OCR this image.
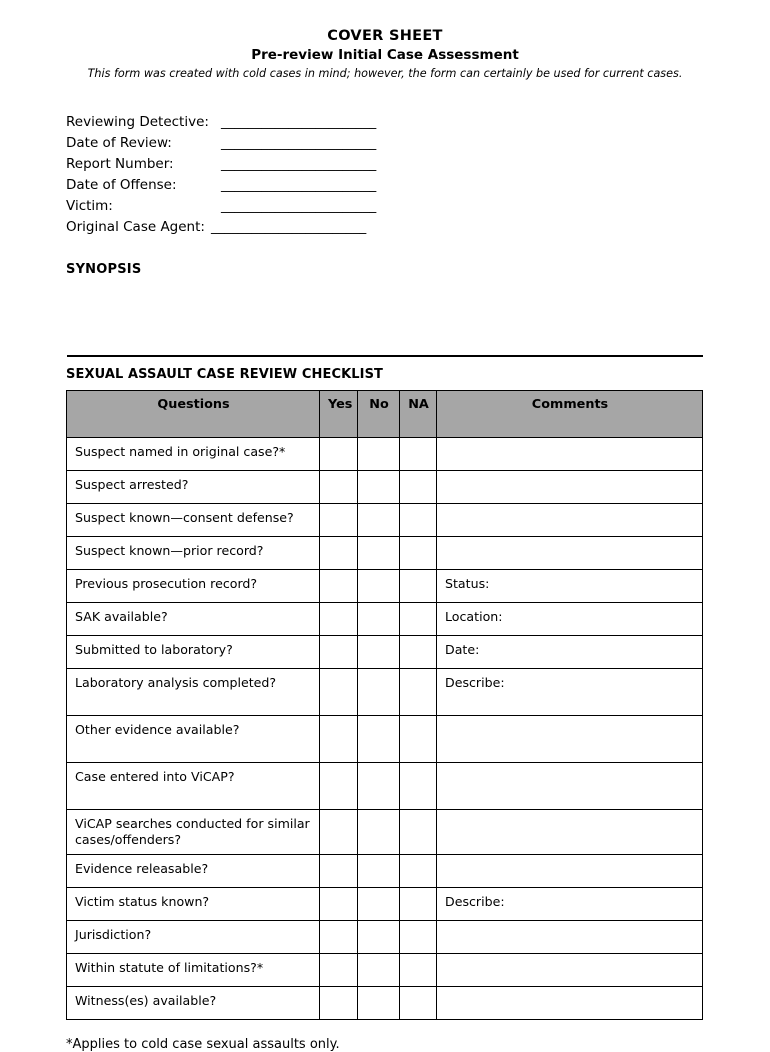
COVER SHEET
Pre-review Initial Case Assessment
This form was created with cold cases in mind; however, the form can certainly be used for current cases.
Reviewing Detective: _______________________
Date of Review:	_______________________
Report Number:	_______________________
Date of Offense:	_______________________
Victim:	_______________________
Original Case Agent: _______________________
SYNOPSIS
SEXUAL ASSAULT CASE REVIEW CHECKLIST
Questions	Yes	No	NA	Comments
Suspect named in original case?*				
Suspect arrested?				
Suspect known—consent defense?				
Suspect known—prior record?				
Previous prosecution record?				Status:
SAK available?				Location:
Submitted to laboratory?				Date:
Laboratory analysis completed?				Describe:
Other evidence available?				
Case entered into ViCAP?				
ViCAP searches conducted for similar cases/offenders?				
Evidence releasable?				
Victim status known?				Describe:
Jurisdiction?				
Within statute of limitations?*				
Witness(es) available?				
*Applies to cold case sexual assaults only.
